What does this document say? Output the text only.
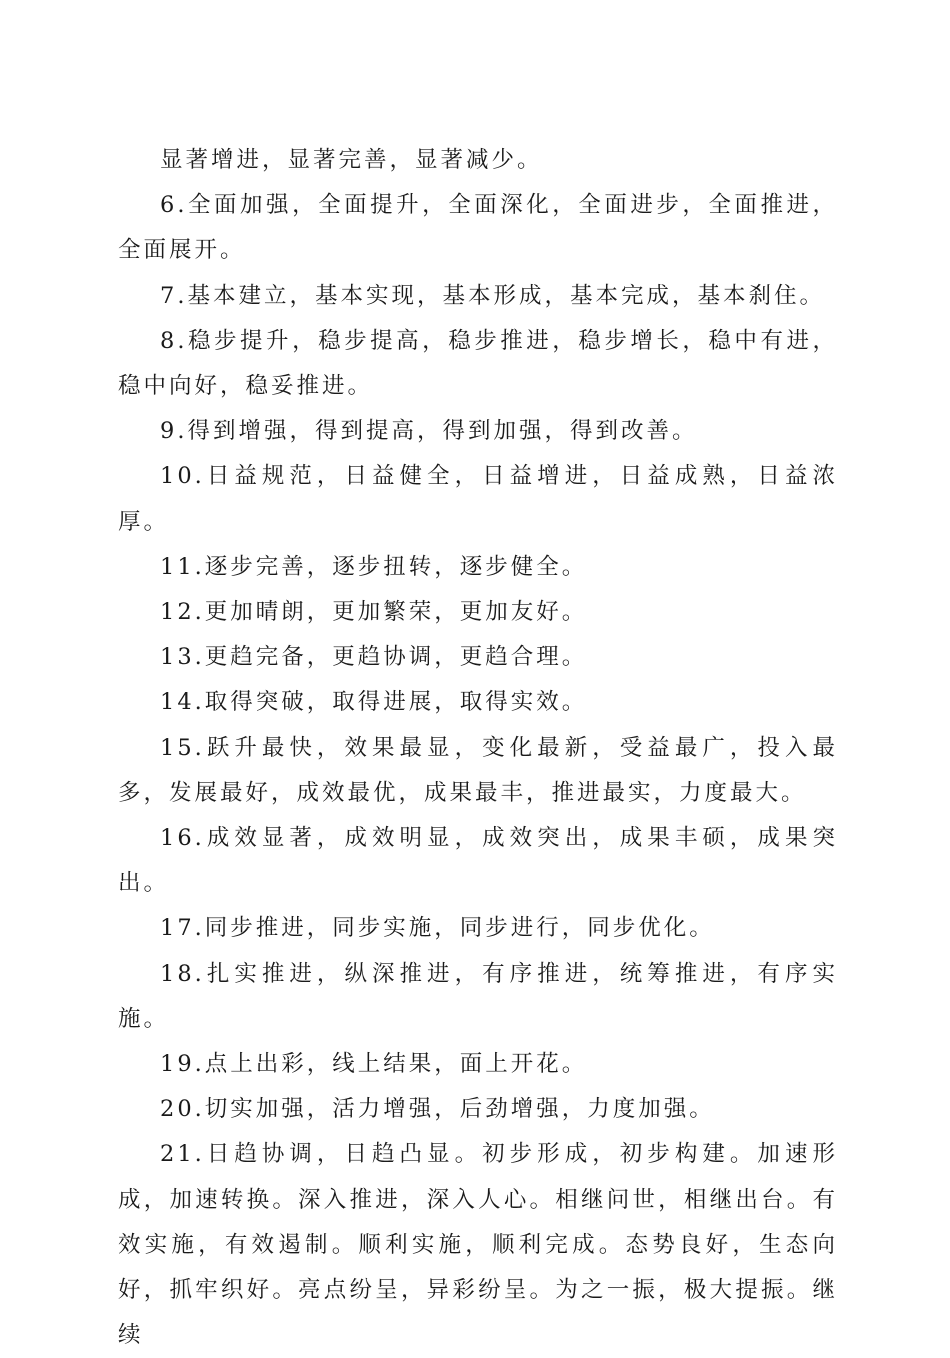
显著增进，显著完善，显著减少。

6.全面加强，全面提升，全面深化，全面进步，全面推进，全面展开。

7.基本建立，基本实现，基本形成，基本完成，基本刹住。

8.稳步提升，稳步提高，稳步推进，稳步增长，稳中有进，稳中向好，稳妥推进。

9.得到增强，得到提高，得到加强，得到改善。

10.日益规范，日益健全，日益增进，日益成熟，日益浓厚。

11.逐步完善，逐步扭转，逐步健全。

12.更加晴朗，更加繁荣，更加友好。

13.更趋完备，更趋协调，更趋合理。

14.取得突破，取得进展，取得实效。

15.跃升最快，效果最显，变化最新，受益最广，投入最多，发展最好，成效最优，成果最丰，推进最实，力度最大。

16.成效显著，成效明显，成效突出，成果丰硕，成果突出。

17.同步推进，同步实施，同步进行，同步优化。

18.扎实推进，纵深推进，有序推进，统筹推进，有序实施。

19.点上出彩，线上结果，面上开花。

20.切实加强，活力增强，后劲增强，力度加强。

21.日趋协调，日趋凸显。初步形成，初步构建。加速形成，加速转换。深入推进，深入人心。相继问世，相继出台。有效实施，有效遏制。顺利实施，顺利完成。态势良好，生态向好，抓牢织好。亮点纷呈，异彩纷呈。为之一振，极大提振。继续
